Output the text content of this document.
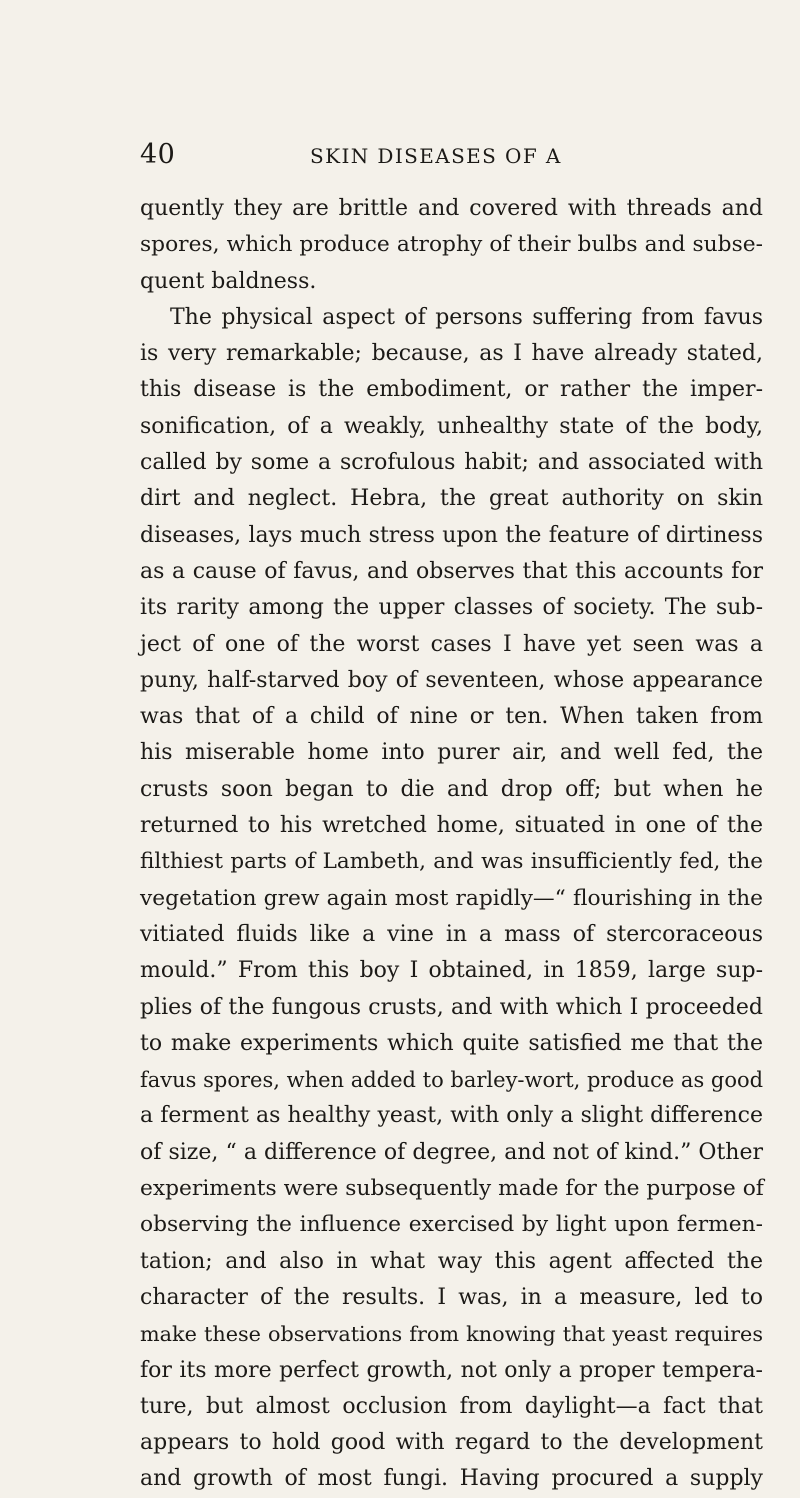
40	SKIN DISEASES OF A
quently they are brittle and covered with threads and
spores, which produce atrophy of their bulbs and subse-
quent baldness.
The physical aspect of persons suffering from favus
is very remarkable; because, as I have already stated,
this disease is the embodiment, or rather the imper-
sonification, of a weakly, unhealthy state of the body,
called by some a scrofulous habit; and associated with
dirt and neglect. Hebra, the great authority on skin
diseases, lays much stress upon the feature of dirtiness
as a cause of favus, and observes that this accounts for
its rarity among the upper classes of society. The sub-
ject of one of the worst cases I have yet seen was a
puny, half-starved boy of seventeen, whose appearance
was that of a child of nine or ten. When taken from
his miserable home into purer air, and well fed, the
crusts soon began to die and drop off; but when he
returned to his wretched home, situated in one of the
filthiest parts of Lambeth, and was insufficiently fed, the
vegetation grew again most rapidly—“ flourishing in the
vitiated fluids like a vine in a mass of stercoraceous
mould.” From this boy I obtained, in 1859, large sup-
plies of the fungous crusts, and with which I proceeded
to make experiments which quite satisfied me that the
favus spores, when added to barley-wort, produce as good
a ferment as healthy yeast, with only a slight difference
of size, “ a difference of degree, and not of kind.” Other
experiments were subsequently made for the purpose of
observing the influence exercised by light upon fermen-
tation; and also in what way this agent affected the
character of the results. I was, in a measure, led to
make these observations from knowing that yeast requires
for its more perfect growth, not only a proper tempera-
ture, but almost occlusion from daylight—a fact that
appears to hold good with regard to the development
and growth of most fungi. Having procured a supply
